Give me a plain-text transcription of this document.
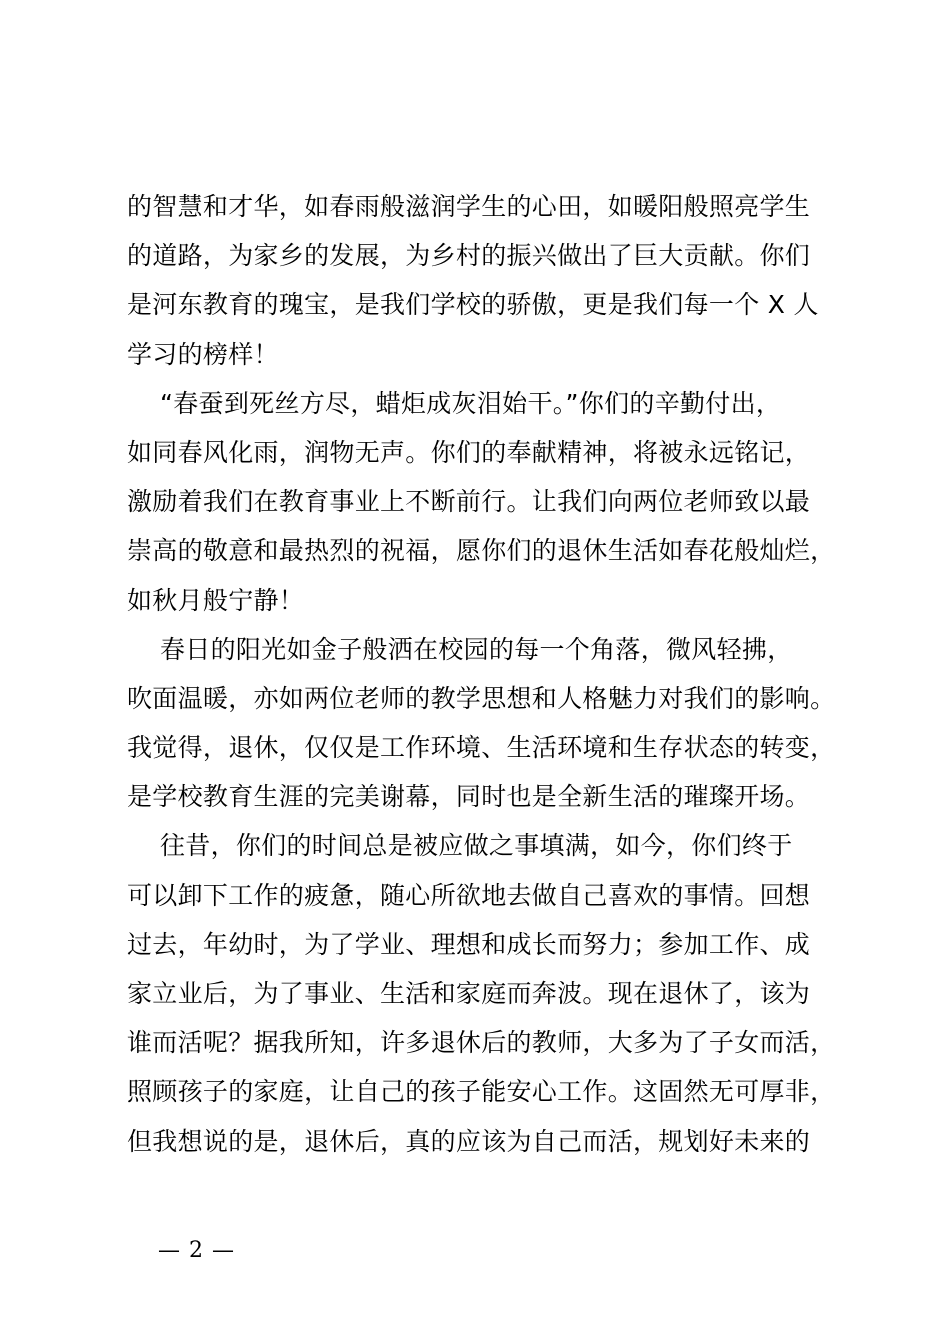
的智慧和才华，如春雨般滋润学生的心田，如暖阳般照亮学生
的道路，为家乡的发展，为乡村的振兴做出了巨大贡献。你们
是河东教育的瑰宝，是我们学校的骄傲，更是我们每一个 X 人
学习的榜样！
“春蚕到死丝方尽，蜡炬成灰泪始干。”你们的辛勤付出，
如同春风化雨，润物无声。你们的奉献精神，将被永远铭记，
激励着我们在教育事业上不断前行。让我们向两位老师致以最
崇高的敬意和最热烈的祝福，愿你们的退休生活如春花般灿烂，
如秋月般宁静！
春日的阳光如金子般洒在校园的每一个角落，微风轻拂，
吹面温暖，亦如两位老师的教学思想和人格魅力对我们的影响。
我觉得，退休，仅仅是工作环境、生活环境和生存状态的转变，
是学校教育生涯的完美谢幕，同时也是全新生活的璀璨开场。
往昔，你们的时间总是被应做之事填满，如今，你们终于
可以卸下工作的疲惫，随心所欲地去做自己喜欢的事情。回想
过去，年幼时，为了学业、理想和成长而努力；参加工作、成
家立业后，为了事业、生活和家庭而奔波。现在退休了，该为
谁而活呢？据我所知，许多退休后的教师，大多为了子女而活，
照顾孩子的家庭，让自己的孩子能安心工作。这固然无可厚非，
但我想说的是，退休后，真的应该为自己而活，规划好未来的
— 2 —
